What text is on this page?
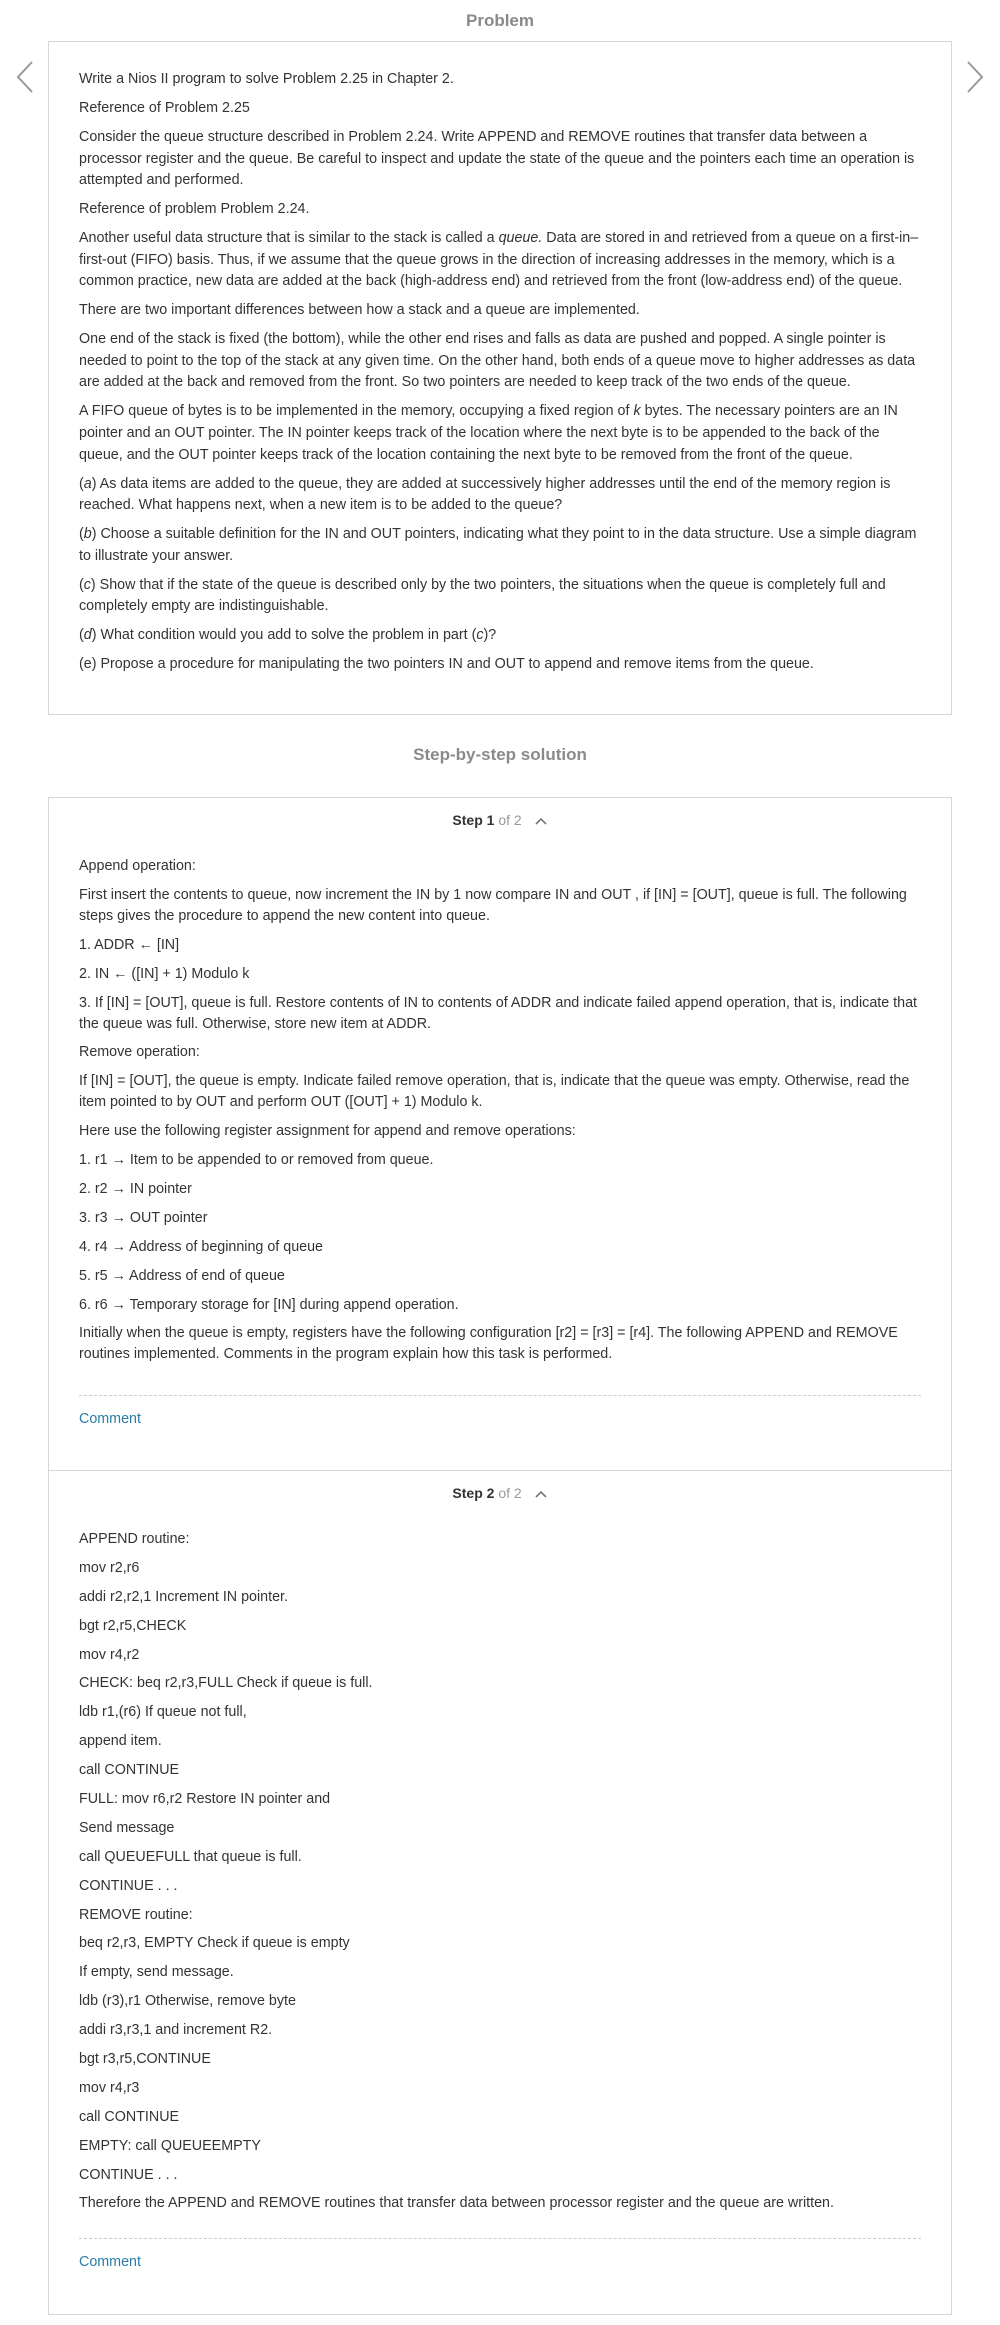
Problem

Write a Nios II program to solve Problem 2.25 in Chapter 2.

Reference of Problem 2.25

Consider the queue structure described in Problem 2.24. Write APPEND and REMOVE routines that transfer data between a processor register and the queue. Be careful to inspect and update the state of the queue and the pointers each time an operation is attempted and performed.

Reference of problem Problem 2.24.

Another useful data structure that is similar to the stack is called a queue. Data are stored in and retrieved from a queue on a first-in–first-out (FIFO) basis. Thus, if we assume that the queue grows in the direction of increasing addresses in the memory, which is a common practice, new data are added at the back (high-address end) and retrieved from the front (low-address end) of the queue.

There are two important differences between how a stack and a queue are implemented.

One end of the stack is fixed (the bottom), while the other end rises and falls as data are pushed and popped. A single pointer is needed to point to the top of the stack at any given time. On the other hand, both ends of a queue move to higher addresses as data are added at the back and removed from the front. So two pointers are needed to keep track of the two ends of the queue.

A FIFO queue of bytes is to be implemented in the memory, occupying a fixed region of k bytes. The necessary pointers are an IN pointer and an OUT pointer. The IN pointer keeps track of the location where the next byte is to be appended to the back of the queue, and the OUT pointer keeps track of the location containing the next byte to be removed from the front of the queue.

(a) As data items are added to the queue, they are added at successively higher addresses until the end of the memory region is reached. What happens next, when a new item is to be added to the queue?

(b) Choose a suitable definition for the IN and OUT pointers, indicating what they point to in the data structure. Use a simple diagram to illustrate your answer.

(c) Show that if the state of the queue is described only by the two pointers, the situations when the queue is completely full and completely empty are indistinguishable.

(d) What condition would you add to solve the problem in part (c)?

(e) Propose a procedure for manipulating the two pointers IN and OUT to append and remove items from the queue.

Step-by-step solution
Step 1 of 2

Append operation:

First insert the contents to queue, now increment the IN by 1 now compare IN and OUT , if [IN] = [OUT], queue is full. The following steps gives the procedure to append the new content into queue.

1. ADDR ← [IN]

2. IN ← ([IN] + 1) Modulo k

3. If [IN] = [OUT], queue is full. Restore contents of IN to contents of ADDR and indicate failed append operation, that is, indicate that the queue was full. Otherwise, store new item at ADDR.

Remove operation:

If [IN] = [OUT], the queue is empty. Indicate failed remove operation, that is, indicate that the queue was empty. Otherwise, read the item pointed to by OUT and perform OUT ([OUT] + 1) Modulo k.

Here use the following register assignment for append and remove operations:

1. r1 → Item to be appended to or removed from queue.

2. r2 → IN pointer

3. r3 → OUT pointer

4. r4 → Address of beginning of queue

5. r5 → Address of end of queue

6. r6 → Temporary storage for [IN] during append operation.

Initially when the queue is empty, registers have the following configuration [r2] = [r3] = [r4]. The following APPEND and REMOVE routines implemented. Comments in the program explain how this task is performed.

Comment
Step 2 of 2

APPEND routine:

mov r2,r6

addi r2,r2,1 Increment IN pointer.

bgt r2,r5,CHECK

mov r4,r2

CHECK: beq r2,r3,FULL Check if queue is full.

ldb r1,(r6) If queue not full,

append item.

call CONTINUE

FULL: mov r6,r2 Restore IN pointer and

Send message

call QUEUEFULL that queue is full.

CONTINUE . . .

REMOVE routine:

beq r2,r3, EMPTY Check if queue is empty

If empty, send message.

ldb (r3),r1 Otherwise, remove byte

addi r3,r3,1 and increment R2.

bgt r3,r5,CONTINUE

mov r4,r3

call CONTINUE

EMPTY: call QUEUEEMPTY

CONTINUE . . .

Therefore the APPEND and REMOVE routines that transfer data between processor register and the queue are written.

Comment
